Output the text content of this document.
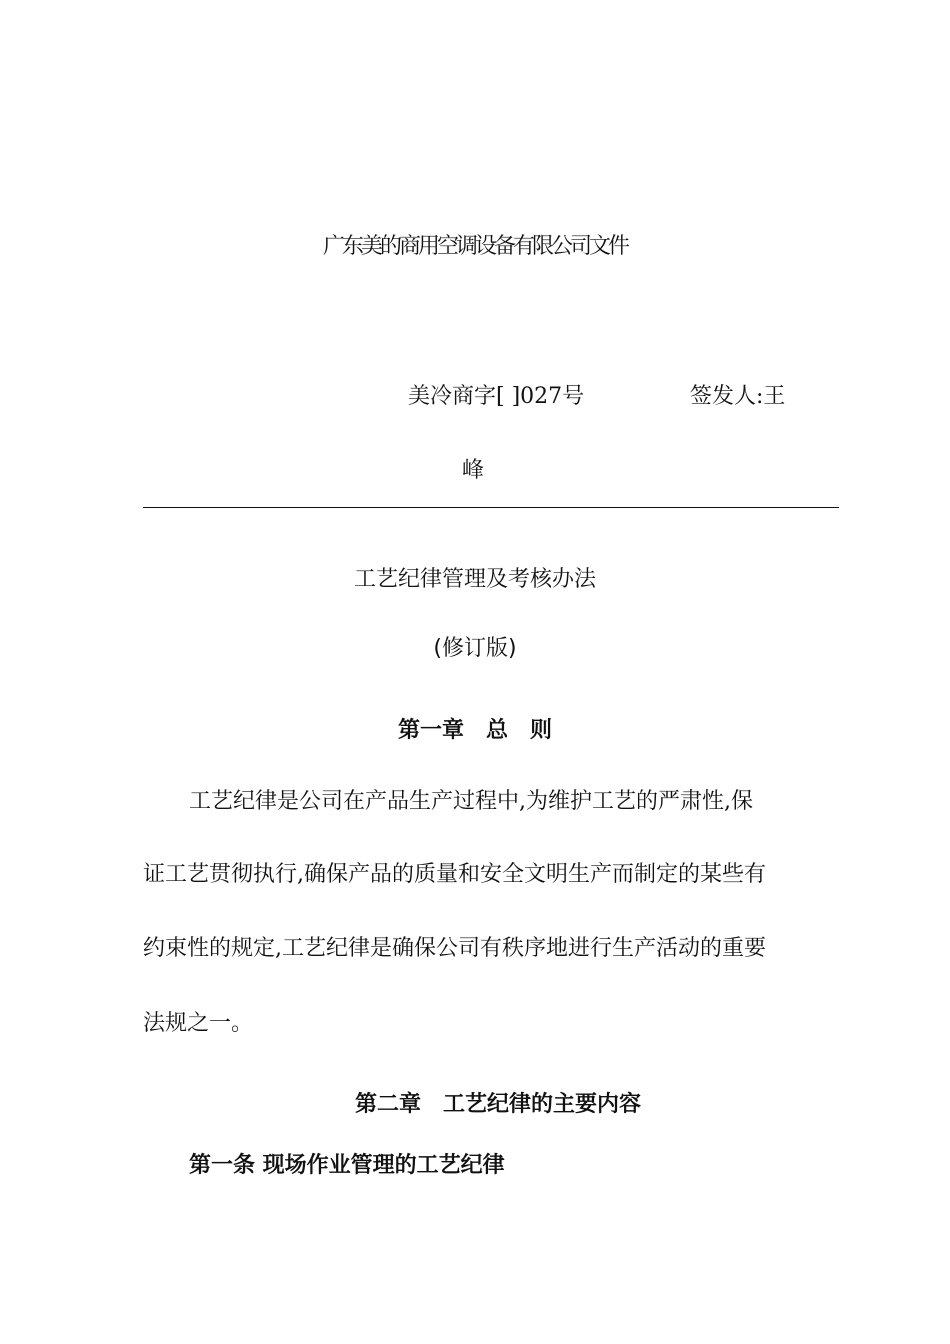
广东美的商用空调设备有限公司文件
美冷商字[ ]027号	签发人:王
峰
工艺纪律管理及考核办法
(修订版)
第一章　总　则
工艺纪律是公司在产品生产过程中,为维护工艺的严肃性,保
证工艺贯彻执行,确保产品的质量和安全文明生产而制定的某些有
约束性的规定,工艺纪律是确保公司有秩序地进行生产活动的重要
法规之一。
第二章　工艺纪律的主要内容
第一条 现场作业管理的工艺纪律
